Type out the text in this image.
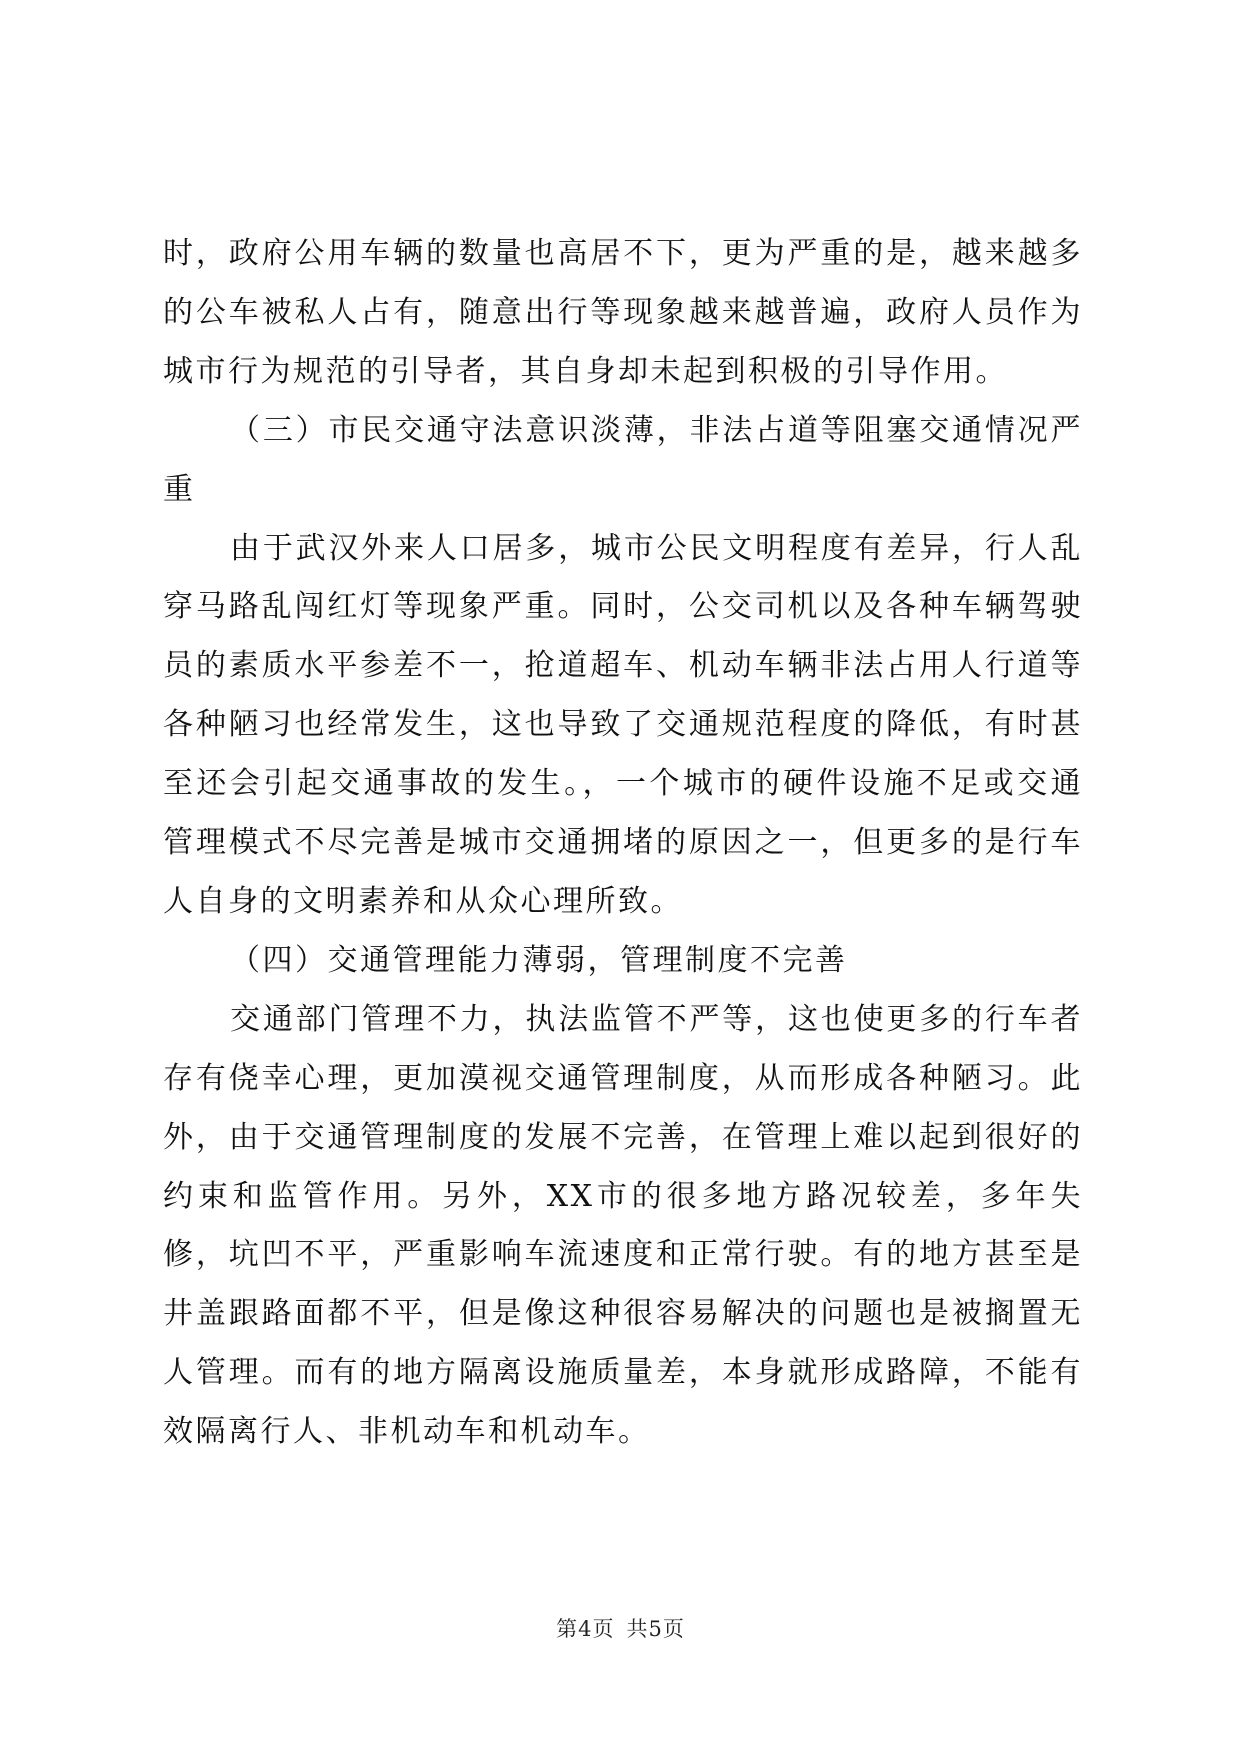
时，政府公用车辆的数量也高居不下，更为严重的是，越来越多的公车被私人占有，随意出行等现象越来越普遍，政府人员作为城市行为规范的引导者，其自身却未起到积极的引导作用。

（三）市民交通守法意识淡薄，非法占道等阻塞交通情况严重

由于武汉外来人口居多，城市公民文明程度有差异，行人乱穿马路乱闯红灯等现象严重。同时，公交司机以及各种车辆驾驶员的素质水平参差不一，抢道超车、机动车辆非法占用人行道等各种陋习也经常发生，这也导致了交通规范程度的降低，有时甚至还会引起交通事故的发生。，一个城市的硬件设施不足或交通管理模式不尽完善是城市交通拥堵的原因之一，但更多的是行车人自身的文明素养和从众心理所致。

（四）交通管理能力薄弱，管理制度不完善

交通部门管理不力，执法监管不严等，这也使更多的行车者存有侥幸心理，更加漠视交通管理制度，从而形成各种陋习。此外，由于交通管理制度的发展不完善，在管理上难以起到很好的约束和监管作用。另外，XX市的很多地方路况较差，多年失修，坑凹不平，严重影响车流速度和正常行驶。有的地方甚至是井盖跟路面都不平，但是像这种很容易解决的问题也是被搁置无人管理。而有的地方隔离设施质量差，本身就形成路障，不能有效隔离行人、非机动车和机动车。

第4页 共5页
